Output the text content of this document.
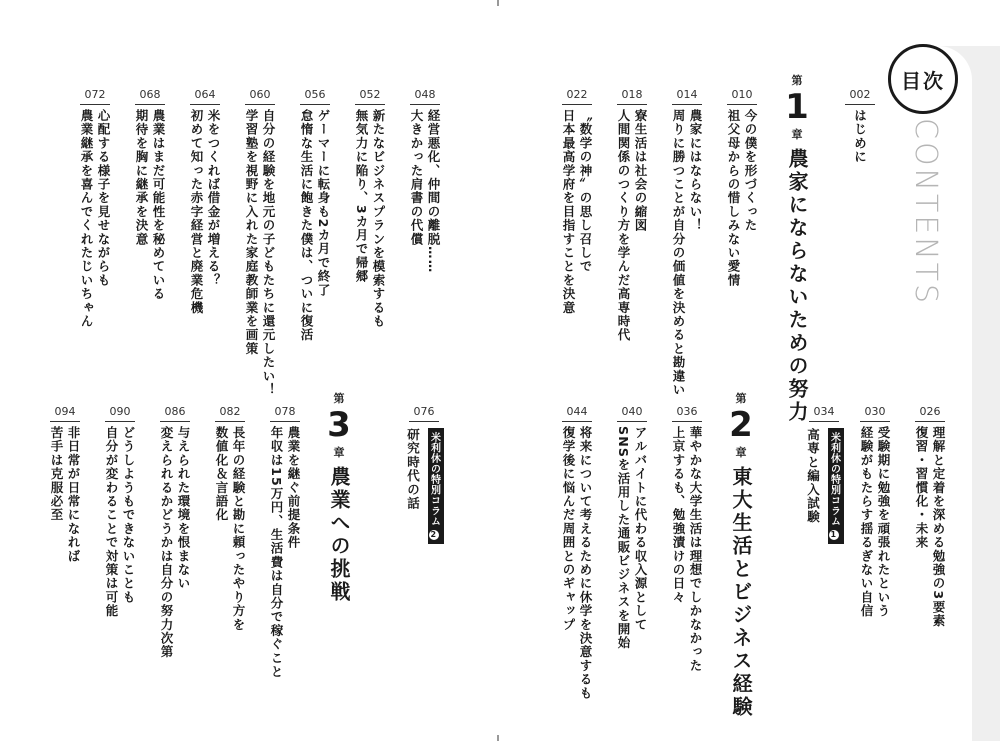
目次
CONTENTS
002
はじめに
第
1
章
農家にならないための努力
010
今の僕を形づくった
祖父母からの惜しみない愛情
014
農家にはならない！
周りに勝つことが自分の価値を決めると勘違い
018
寮生活は社会の縮図
人間関係のつくり方を学んだ高専時代
022
〝数学の神〟の思し召しで
日本最高学府を目指すことを決意
048
経営悪化、仲間の離脱……
大きかった肩書の代償
052
新たなビジネスプランを模索するも
無気力に陥り、3カ月で帰郷
056
ゲーマーに転身も2カ月で終了
怠惰な生活に飽きた僕は、ついに復活
060
自分の経験を地元の子どもたちに還元したい！
学習塾を視野に入れた家庭教師業を画策
064
米をつくれば借金が増える？
初めて知った赤字経営と廃業危機
068
農業はまだ可能性を秘めている
期待を胸に継承を決意
072
心配する様子を見せながらも
農業継承を喜んでくれたじいちゃん
026
理解と定着を深める勉強の3要素
復習・習慣化・未来
030
受験期に勉強を頑張れたという
経験がもたらす揺るぎない自信
034
米利休の特別コラム1
高専と編入試験
第
2
章
東大生活とビジネス経験
036
華やかな大学生活は理想でしかなかった
上京するも、勉強漬けの日々
040
アルバイトに代わる収入源として
SNSを活用した通販ビジネスを開始
044
将来について考えるために休学を決意するも
復学後に悩んだ周囲とのギャップ
076
米利休の特別コラム2
研究時代の話
第
3
章
農業への挑戦
078
農業を継ぐ前提条件
年収は15万円、生活費は自分で稼ぐこと
082
長年の経験と勘に頼ったやり方を
数値化＆言語化
086
与えられた環境を恨まない
変えられるかどうかは自分の努力次第
090
どうしようもできないことも
自分が変わることで対策は可能
094
非日常が日常になれば
苦手は克服必至
